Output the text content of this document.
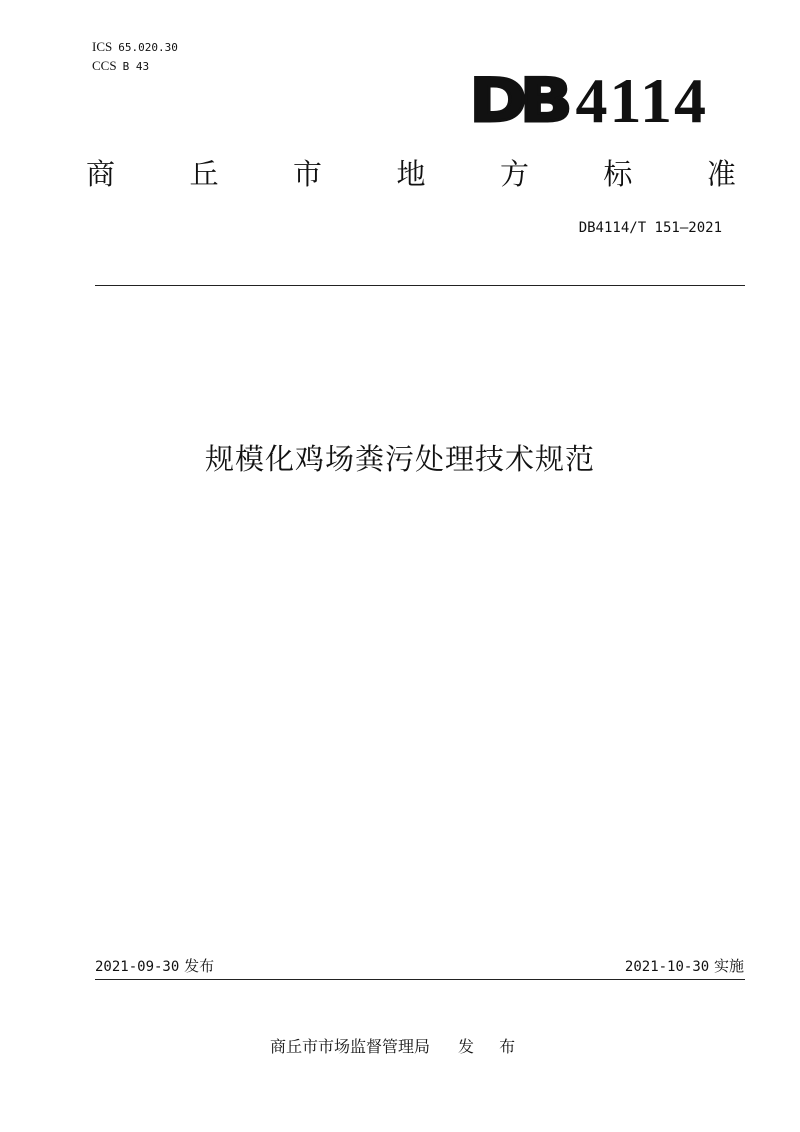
ICS 65.020.30
CCS B 43	DB 4114
商	丘	市	地	方	标	准
DB4114/T 151—2021
规模化鸡场粪污处理技术规范
2021-09-30 发布	2021-10-30 实施
商丘市市场监督管理局 发 布
